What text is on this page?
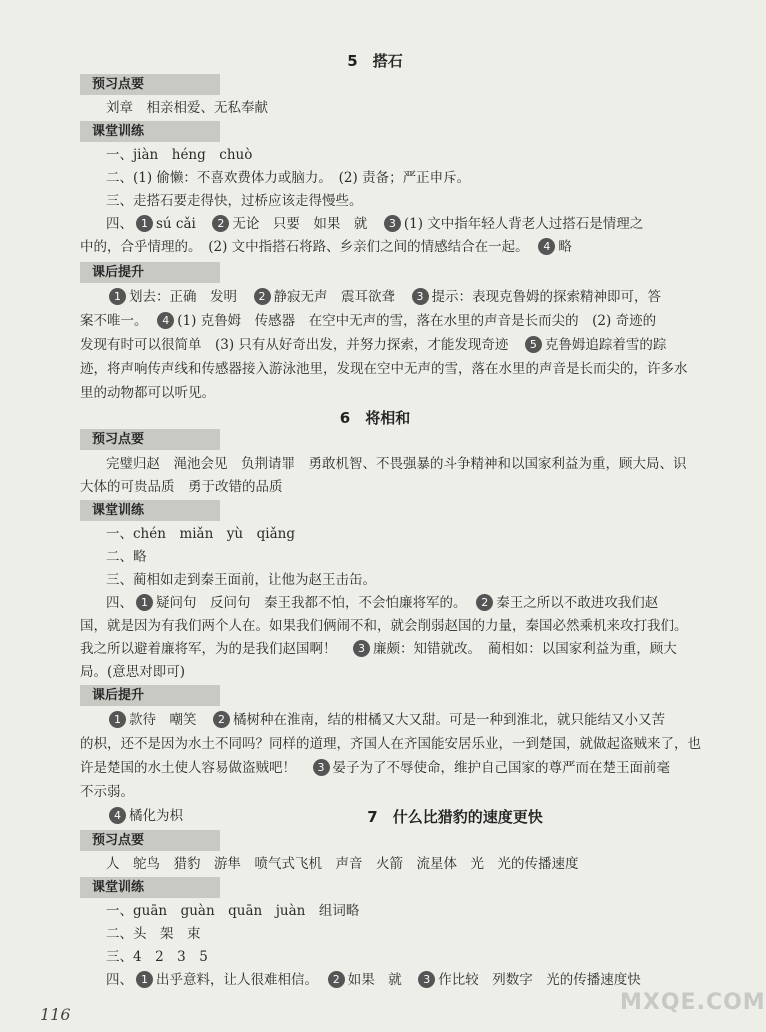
5　搭石
预习点要
刘章　相亲相爱、无私奉献
课堂训练
一、jiàn　héng　chuò
二、(1) 偷懒：不喜欢费体力或脑力。　(2) 责备；严正申斥。
三、走搭石要走得快，过桥应该走得慢些。
四、 1 sú cǎi　 2 无论　只要　如果　就　 3 (1) 文中指年轻人背老人过搭石是情理之
中的，合乎情理的。　(2) 文中指搭石将路、乡亲们之间的情感结合在一起。　 4 略
课后提升
1 划去：正确　发明　 2 静寂无声　震耳欲聋　 3 提示：表现克鲁姆的探索精神即可，答
案不唯一。　 4 (1) 克鲁姆　传感器　在空中无声的雪，落在水里的声音是长而尖的　(2) 奇迹的
发现有时可以很简单　(3) 只有从好奇出发，并努力探索，才能发现奇迹　 5 克鲁姆追踪着雪的踪
迹，将声响传声线和传感器接入游泳池里，发现在空中无声的雪，落在水里的声音是长而尖的，许多水
里的动物都可以听见。
6　将相和
预习点要
完璧归赵　渑池会见　负荆请罪　勇敢机智、不畏强暴的斗争精神和以国家利益为重，顾大局、识
大体的可贵品质　勇于改错的品质
课堂训练
一、chén　miǎn　yù　qiǎng
二、略
三、蔺相如走到秦王面前，让他为赵王击缶。
四、 1 疑问句　反问句　秦王我都不怕，不会怕廉将军的。　 2 秦王之所以不敢进攻我们赵
国，就是因为有我们两个人在。如果我们俩闹不和，就会削弱赵国的力量，秦国必然乘机来攻打我们。
我之所以避着廉将军，为的是我们赵国啊！　 3 廉颇：知错就改。　蔺相如：以国家利益为重，顾大
局。(意思对即可)
课后提升
1 款待　嘲笑　 2 橘树种在淮南，结的柑橘又大又甜。可是一种到淮北，就只能结又小又苦
的枳，还不是因为水土不同吗？同样的道理，齐国人在齐国能安居乐业，一到楚国，就做起盗贼来了，也
许是楚国的水土使人容易做盗贼吧！　 3 晏子为了不辱使命，维护自己国家的尊严而在楚王面前毫
不示弱。
4 橘化为枳	7　什么比猎豹的速度更快
预习点要
人　鸵鸟　猎豹　游隼　喷气式飞机　声音　火箭　流星体　光　光的传播速度
课堂训练
一、guān　guàn　quān　juàn　组词略
二、头　架　束
三、4　2　3　5
四、 1 出乎意料，让人很难相信。　 2 如果　就　 3 作比较　列数字　光的传播速度快
116	MXQE.COM
